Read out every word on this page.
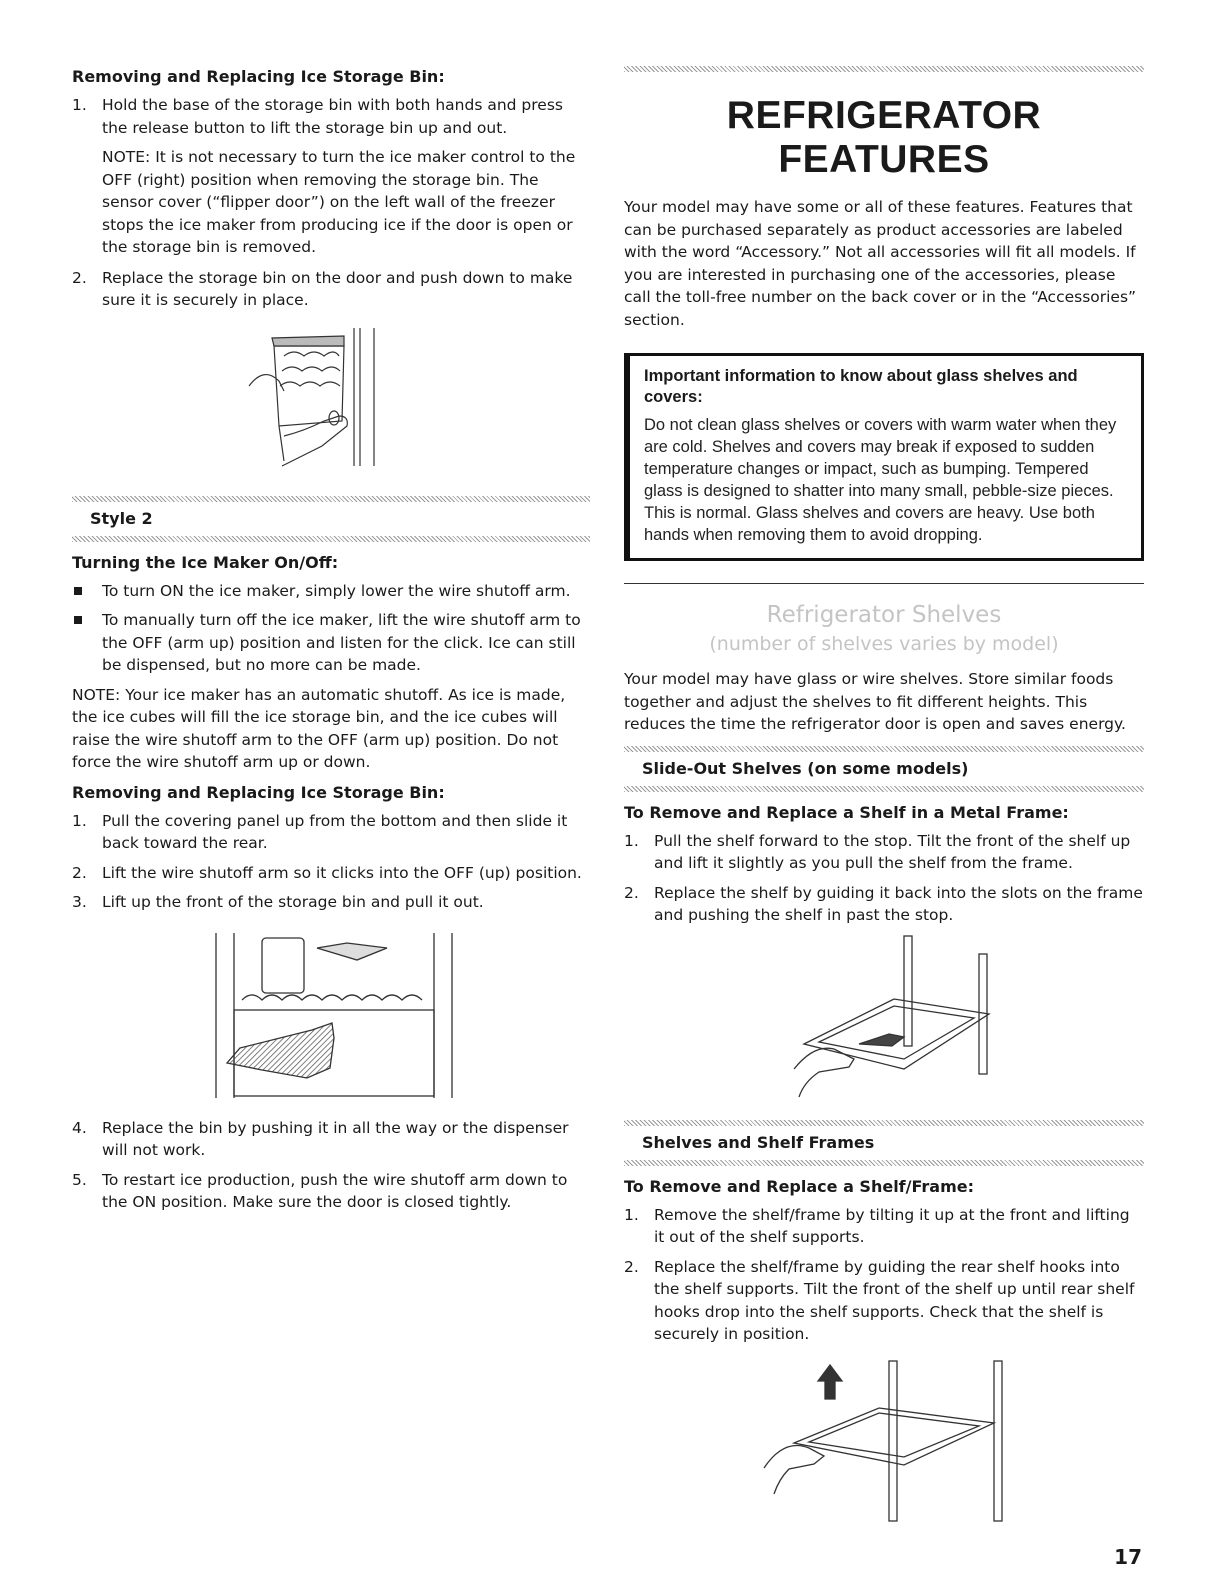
Removing and Replacing Ice Storage Bin:
1. Hold the base of the storage bin with both hands and press the release button to lift the storage bin up and out.

NOTE: It is not necessary to turn the ice maker control to the OFF (right) position when removing the storage bin. The sensor cover (“flipper door”) on the left wall of the freezer stops the ice maker from producing ice if the door is open or the storage bin is removed.

2. Replace the storage bin on the door and push down to make sure it is securely in place.
Style 2
Turning the Ice Maker On/Off:
To turn ON the ice maker, simply lower the wire shutoff arm.
To manually turn off the ice maker, lift the wire shutoff arm to the OFF (arm up) position and listen for the click. Ice can still be dispensed, but no more can be made.

NOTE: Your ice maker has an automatic shutoff. As ice is made, the ice cubes will fill the ice storage bin, and the ice cubes will raise the wire shutoff arm to the OFF (arm up) position. Do not force the wire shutoff arm up or down.

Removing and Replacing Ice Storage Bin:
1. Pull the covering panel up from the bottom and then slide it back toward the rear.
2. Lift the wire shutoff arm so it clicks into the OFF (up) position.
3. Lift up the front of the storage bin and pull it out.
4. Replace the bin by pushing it in all the way or the dispenser will not work.
5. To restart ice production, push the wire shutoff arm down to the ON position. Make sure the door is closed tightly.
REFRIGERATOR FEATURES

Your model may have some or all of these features. Features that can be purchased separately as product accessories are labeled with the word “Accessory.” Not all accessories will fit all models. If you are interested in purchasing one of the accessories, please call the toll-free number on the back cover or in the “Accessories” section.

Important information to know about glass shelves and covers:
Do not clean glass shelves or covers with warm water when they are cold. Shelves and covers may break if exposed to sudden temperature changes or impact, such as bumping. Tempered glass is designed to shatter into many small, pebble-size pieces. This is normal. Glass shelves and covers are heavy. Use both hands when removing them to avoid dropping.
Refrigerator Shelves
(number of shelves varies by model)

Your model may have glass or wire shelves. Store similar foods together and adjust the shelves to fit different heights. This reduces the time the refrigerator door is open and saves energy.

Slide-Out Shelves (on some models)
To Remove and Replace a Shelf in a Metal Frame:
1. Pull the shelf forward to the stop. Tilt the front of the shelf up and lift it slightly as you pull the shelf from the frame.
2. Replace the shelf by guiding it back into the slots on the frame and pushing the shelf in past the stop.
Shelves and Shelf Frames
To Remove and Replace a Shelf/Frame:
1. Remove the shelf/frame by tilting it up at the front and lifting it out of the shelf supports.
2. Replace the shelf/frame by guiding the rear shelf hooks into the shelf supports. Tilt the front of the shelf up until rear shelf hooks drop into the shelf supports. Check that the shelf is securely in position.
17
